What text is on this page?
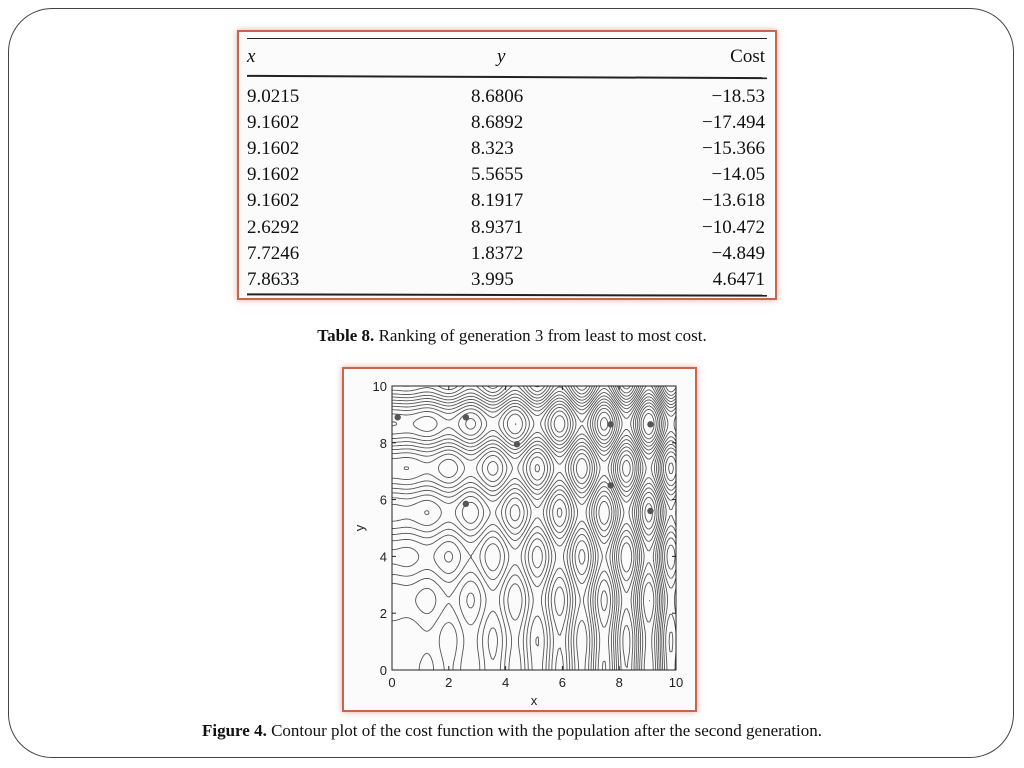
x	y	Cost
9.0215	8.6806	−18.53
9.1602	8.6892	−17.494
9.1602	8.323	−15.366
9.1602	5.5655	−14.05
9.1602	8.1917	−13.618
2.6292	8.9371	−10.472
7.7246	1.8372	−4.849
7.8633	3.995	4.6471
Table 8. Ranking of generation 3 from least to most cost.
0	2	4	6	8	10
0
2
4
6
8
10
x
y
Figure 4. Contour plot of the cost function with the population after the second generation.
